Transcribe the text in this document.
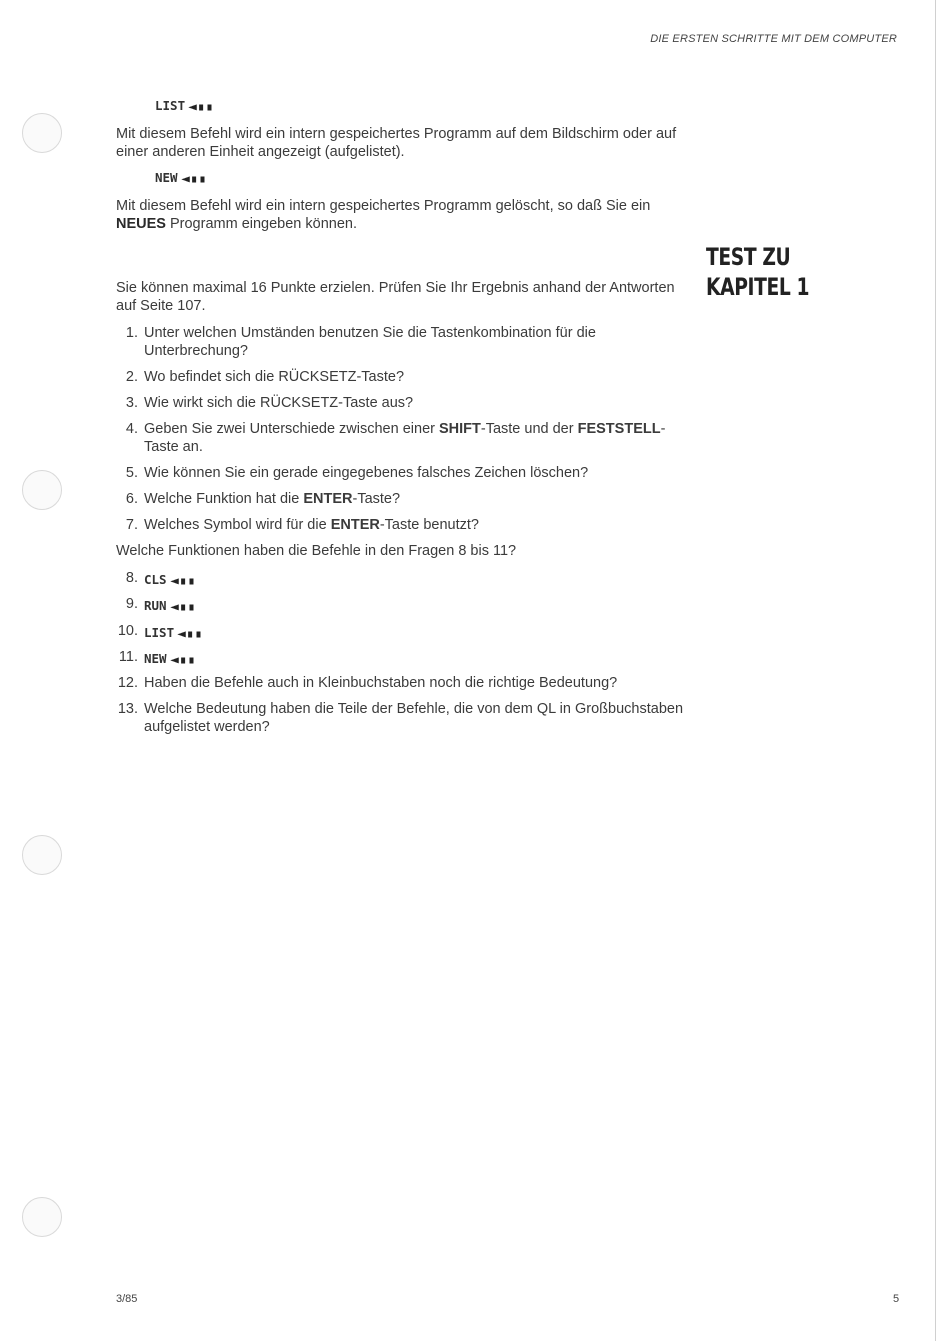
DIE ERSTEN SCHRITTE MIT DEM COMPUTER
LIST ◀▮▮
Mit diesem Befehl wird ein intern gespeichertes Programm auf dem Bildschirm oder auf einer anderen Einheit angezeigt (aufgelistet).
NEW ◀▮▮
Mit diesem Befehl wird ein intern gespeichertes Programm gelöscht, so daß Sie ein NEUES Programm eingeben können.

TEST ZU
KAPITEL 1
Sie können maximal 16 Punkte erzielen. Prüfen Sie Ihr Ergebnis anhand der Antworten auf Seite 107.
1. Unter welchen Umständen benutzen Sie die Tastenkombination für die Unterbrechung?
2. Wo befindet sich die RÜCKSETZ-Taste?
3. Wie wirkt sich die RÜCKSETZ-Taste aus?
4. Geben Sie zwei Unterschiede zwischen einer SHIFT-Taste und der FESTSTELL-Taste an.
5. Wie können Sie ein gerade eingegebenes falsches Zeichen löschen?
6. Welche Funktion hat die ENTER-Taste?
7. Welches Symbol wird für die ENTER-Taste benutzt?
Welche Funktionen haben die Befehle in den Fragen 8 bis 11?
8. CLS ◀▮▮
9. RUN ◀▮▮
10. LIST ◀▮▮
11. NEW ◀▮▮
12. Haben die Befehle auch in Kleinbuchstaben noch die richtige Bedeutung?
13. Welche Bedeutung haben die Teile der Befehle, die von dem QL in Großbuchstaben aufgelistet werden?
3/85	5
